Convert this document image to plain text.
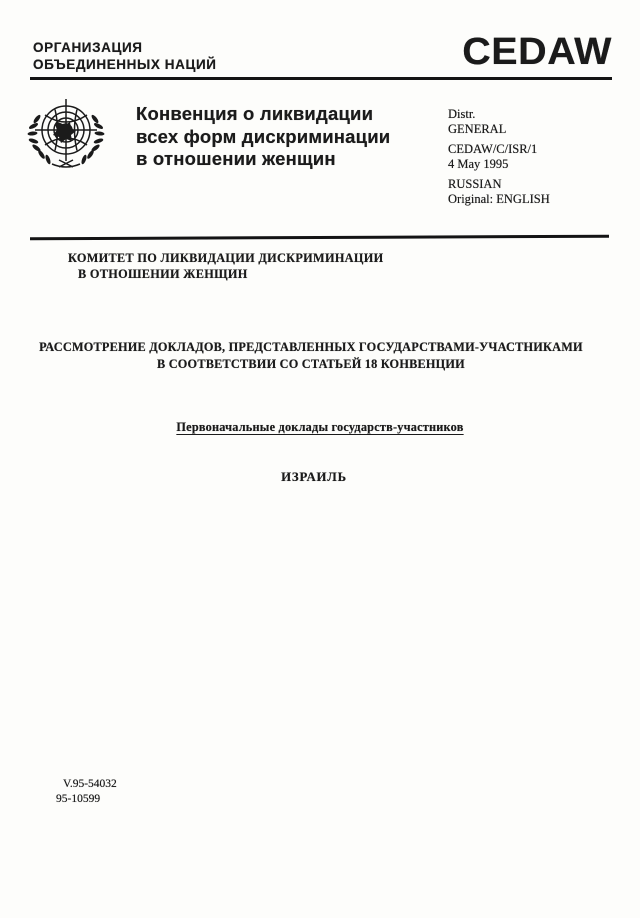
ОРГАНИЗАЦИЯ
ОБЪЕДИНЕННЫХ НАЦИЙ	CEDAW
Конвенция о ликвидации
всех форм дискриминации
в отношении женщин
Distr.
GENERAL
CEDAW/C/ISR/1
4 May 1995
RUSSIAN
Original: ENGLISH
КОМИТЕТ ПО ЛИКВИДАЦИИ ДИСКРИМИНАЦИИ
В ОТНОШЕНИИ ЖЕНЩИН
РАССМОТРЕНИЕ ДОКЛАДОВ, ПРЕДСТАВЛЕННЫХ ГОСУДАРСТВАМИ-УЧАСТНИКАМИ
В СООТВЕТСТВИИ СО СТАТЬЕЙ 18 КОНВЕНЦИИ
Первоначальные доклады государств-участников
ИЗРАИЛЬ
V.95-54032
95-10599
